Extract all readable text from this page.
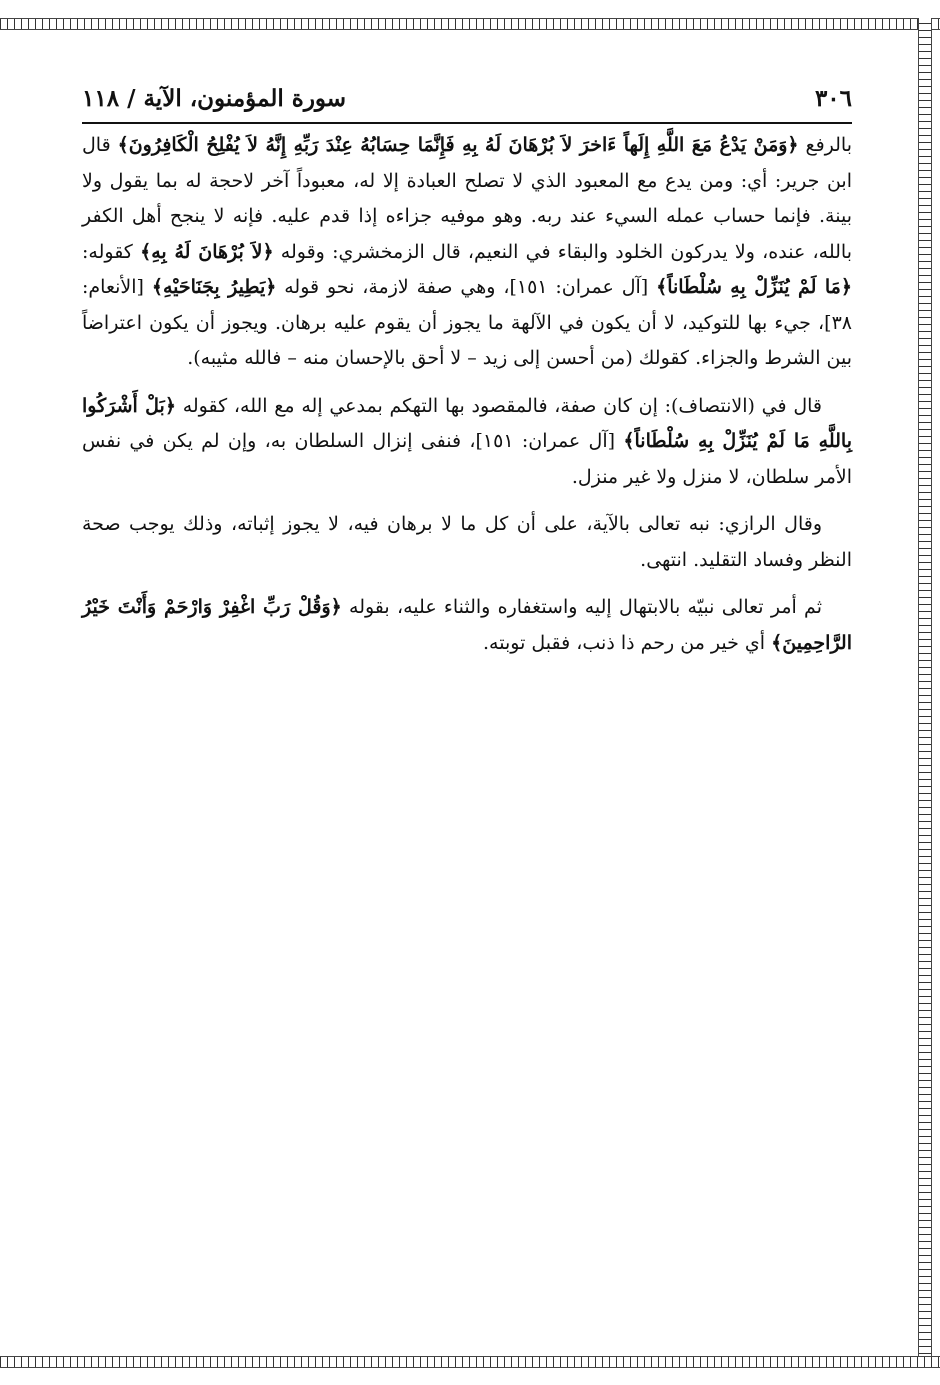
٣٠٦
سورة المؤمنون، الآية / ١١٨

بالرفع ﴿وَمَنْ يَدْعُ مَعَ اللَّهِ إِلَهاً ءَاخرَ لاَ بُرْهَانَ لَهُ بِهِ فَإِنَّمَا حِسَابُهُ عِنْدَ رَبِّهِ إِنَّهُ لاَ يُفْلِحُ الْكَافِرُونَ﴾ قال ابن جرير: أي: ومن يدع مع المعبود الذي لا تصلح العبادة إلا له، معبوداً آخر لاحجة له بما يقول ولا بينة. فإنما حساب عمله السيء عند ربه. وهو موفيه جزاءه إذا قدم عليه. فإنه لا ينجح أهل الكفر بالله، عنده، ولا يدركون الخلود والبقاء في النعيم، قال الزمخشري: وقوله ﴿لاَ بُرْهَانَ لَهُ بِهِ﴾ كقوله: ﴿مَا لَمْ يُنَزِّلْ بِهِ سُلْطَاناً﴾ [آل عمران: ١٥١]، وهي صفة لازمة، نحو قوله ﴿يَطِيرُ بِجَنَاحَيْهِ﴾ [الأنعام: ٣٨]، جيء بها للتوكيد، لا أن يكون في الآلهة ما يجوز أن يقوم عليه برهان. ويجوز أن يكون اعتراضاً بين الشرط والجزاء. كقولك (من أحسن إلى زيد – لا أحق بالإحسان منه – فالله مثيبه).

قال في (الانتصاف): إن كان صفة، فالمقصود بها التهكم بمدعي إله مع الله، كقوله ﴿بَلْ أَشْرَكُوا بِاللَّهِ مَا لَمْ يُنَزِّلْ بِهِ سُلْطَاناً﴾ [آل عمران: ١٥١]، فنفى إنزال السلطان به، وإن لم يكن في نفس الأمر سلطان، لا منزل ولا غير منزل.

وقال الرازي: نبه تعالى بالآية، على أن كل ما لا برهان فيه، لا يجوز إثباته، وذلك يوجب صحة النظر وفساد التقليد. انتهى.

ثم أمر تعالى نبيّه بالابتهال إليه واستغفاره والثناء عليه، بقوله ﴿وَقُلْ رَبِّ اغْفِرْ وَارْحَمْ وَأَنْتَ خَيْرُ الرَّاحِمِينَ﴾ أي خير من رحم ذا ذنب، فقبل توبته.
